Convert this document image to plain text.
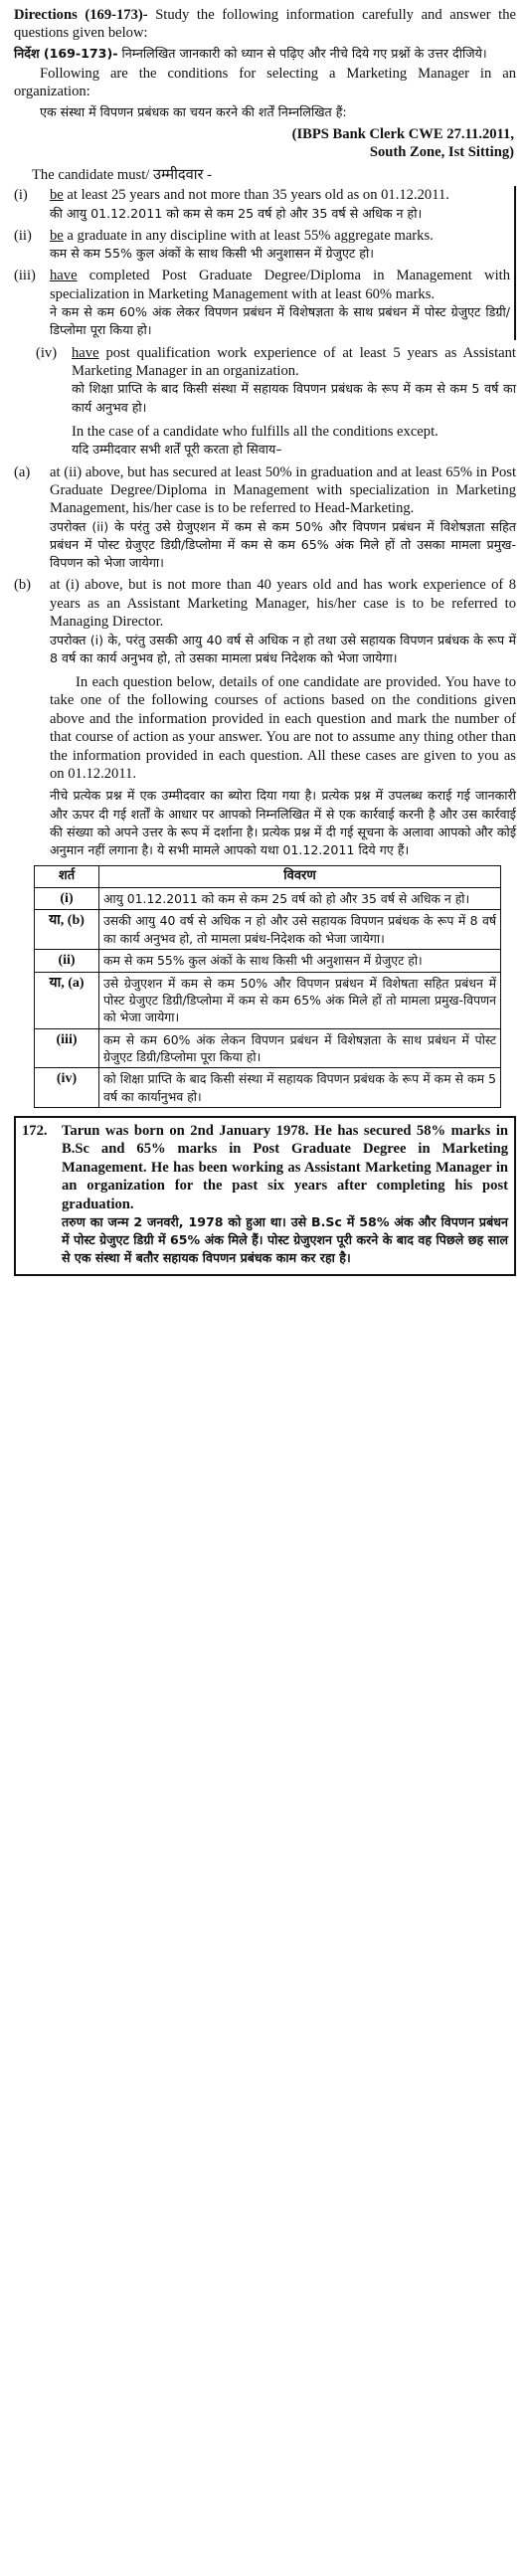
Directions (169-173)- Study the following information carefully and answer the questions given below:

निर्देश (169-173)- निम्नलिखित जानकारी को ध्यान से पढ़िए और नीचे दिये गए प्रश्नों के उत्तर दीजिये।

Following are the conditions for selecting a Marketing Manager in an organization:

एक संस्था में विपणन प्रबंधक का चयन करने की शर्तें निम्नलिखित हैं:

(IBPS Bank Clerk CWE 27.11.2011,
South Zone, Ist Sitting)

The candidate must/ उम्मीदवार -

(i)	be at least 25 years and not more than 35 years old as on 01.12.2011.
की आयु 01.12.2011 को कम से कम 25 वर्ष हो और 35 वर्ष से अधिक न हो।
(ii)	be a graduate in any discipline with at least 55% aggregate marks.
कम से कम 55% कुल अंकों के साथ किसी भी अनुशासन में ग्रेजुएट हो।
(iii) have completed Post Graduate Degree/Diploma in Management with specialization in Marketing Management with at least 60% marks.
ने कम से कम 60% अंक लेकर विपणन प्रबंधन में विशेषज्ञता के साथ प्रबंधन में पोस्ट ग्रेजुएट डिग्री/डिप्लोमा पूरा किया हो।
(iv)	have post qualification work experience of at least 5 years as Assistant Marketing Manager in an organization.
को शिक्षा प्राप्ति के बाद किसी संस्था में सहायक विपणन प्रबंधक के रूप में कम से कम 5 वर्ष का कार्य अनुभव हो।
In the case of a candidate who fulfills all the conditions except.
यदि उम्मीदवार सभी शर्तें पूरी करता हो सिवाय–
(a)	at (ii) above, but has secured at least 50% in graduation and at least 65% in Post Graduate Degree/Diploma in Management with specialization in Marketing Management, his/her case is to be referred to Head-Marketing.
उपरोक्त (ii) के परंतु उसे ग्रेजुएशन में कम से कम 50% और विपणन प्रबंधन में विशेषज्ञता सहित प्रबंधन में पोस्ट ग्रेजुएट डिग्री/डिप्लोमा में कम से कम 65% अंक मिले हों तो उसका मामला प्रमुख-विपणन को भेजा जायेगा।
(b)	at (i) above, but is not more than 40 years old and has work experience of 8 years as an Assistant Marketing Manager, his/her case is to be referred to Managing Director.
उपरोक्त (i) के, परंतु उसकी आयु 40 वर्ष से अधिक न हो तथा उसे सहायक विपणन प्रबंधक के रूप में 8 वर्ष का कार्य अनुभव हो, तो उसका मामला प्रबंध निदेशक को भेजा जायेगा।
In each question below, details of one candidate are provided. You have to take one of the following courses of actions based on the conditions given above and the information provided in each question and mark the number of that course of action as your answer. You are not to assume any thing other than the information provided in each question. All these cases are given to you as on 01.12.2011.

नीचे प्रत्येक प्रश्न में एक उम्मीदवार का ब्योरा दिया गया है। प्रत्येक प्रश्न में उपलब्ध कराई गई जानकारी और ऊपर दी गई शर्तों के आधार पर आपको निम्नलिखित में से एक कार्रवाई करनी है और उस कार्रवाई की संख्या को अपने उत्तर के रूप में दर्शाना है। प्रत्येक प्रश्न में दी गई सूचना के अलावा आपको और कोई अनुमान नहीं लगाना है। ये सभी मामले आपको यथा 01.12.2011 दिये गए हैं।

शर्त	विवरण
(i)	आयु 01.12.2011 को कम से कम 25 वर्ष को हो और 35 वर्ष से अधिक न हो।
या, (b)	उसकी आयु 40 वर्ष से अधिक न हो और उसे सहायक विपणन प्रबंधक के रूप में 8 वर्ष का कार्य अनुभव हो, तो मामला प्रबंध-निदेशक को भेजा जायेगा।
(ii)	कम से कम 55% कुल अंकों के साथ किसी भी अनुशासन में ग्रेजुएट हो।
या, (a)	उसे ग्रेजुएशन में कम से कम 50% और विपणन प्रबंधन में विशेषता सहित प्रबंधन में पोस्ट ग्रेजुएट डिग्री/डिप्लोमा में कम से कम 65% अंक मिले हों तो मामला प्रमुख-विपणन को भेजा जायेगा।
(iii)	कम से कम 60% अंक लेकन विपणन प्रबंधन में विशेषज्ञता के साथ प्रबंधन में पोस्ट ग्रेजुएट डिग्री/डिप्लोमा पूरा किया हो।
(iv)	को शिक्षा प्राप्ति के बाद किसी संस्था में सहायक विपणन प्रबंधक के रूप में कम से कम 5 वर्ष का कार्यानुभव हो।
172. Tarun was born on 2nd January 1978. He has secured 58% marks in B.Sc and 65% marks in Post Graduate Degree in Marketing Management. He has been working as Assistant Marketing Manager in an organization for the past six years after completing his post graduation.
तरुण का जन्म 2 जनवरी, 1978 को हुआ था। उसे B.Sc में 58% अंक और विपणन प्रबंधन में पोस्ट ग्रेजुएट डिग्री में 65% अंक मिले हैं। पोस्ट ग्रेजुएशन पूरी करने के बाद वह पिछले छह साल से एक संस्था में बतौर सहायक विपणन प्रबंधक काम कर रहा है।
